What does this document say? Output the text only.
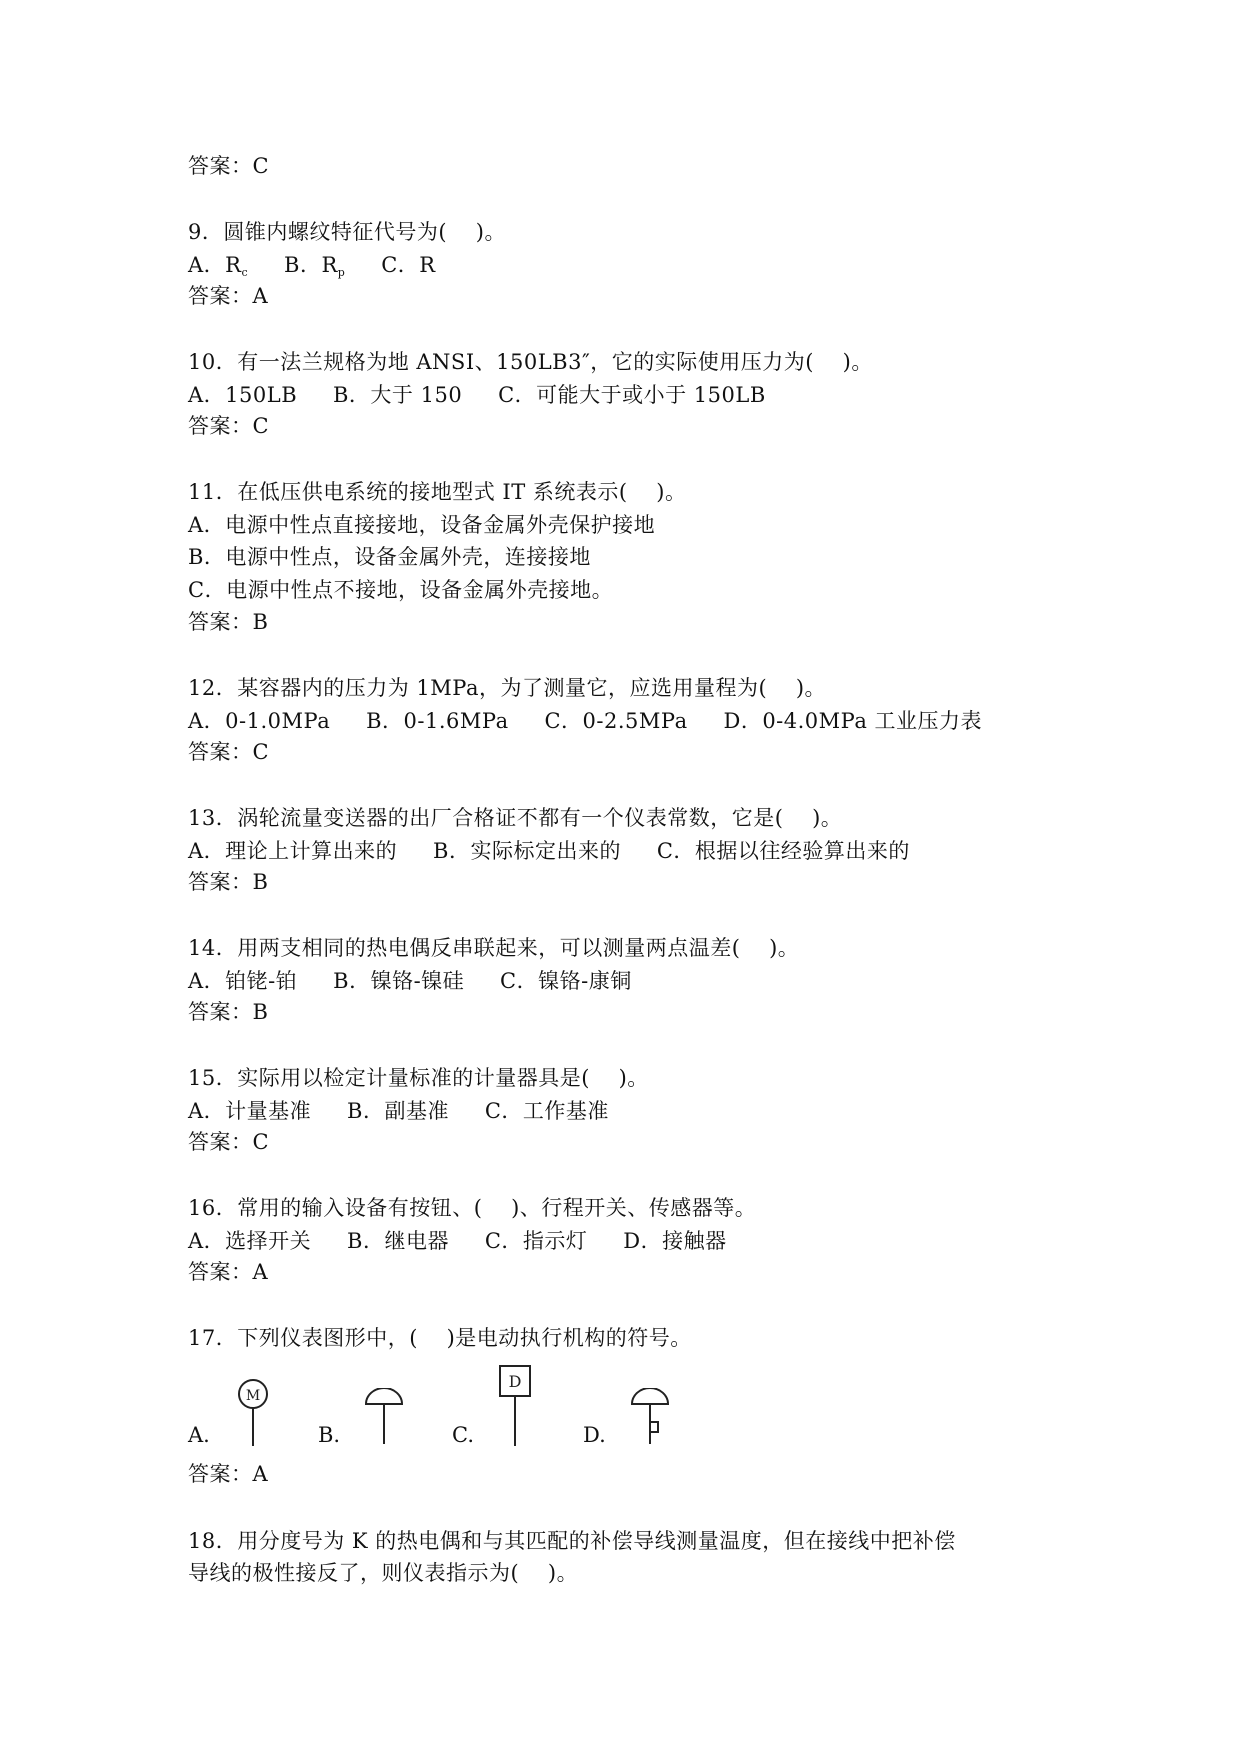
答案：C
9．圆锥内螺纹特征代号为(    )。
A．$R_c$ B．$R_p$ C．R
答案：A
10．有一法兰规格为地 ANSI、150LB3″，它的实际使用压力为(    )。
A．150LB     B．大于 150     C．可能大于或小于 150LB
答案：C
11．在低压供电系统的接地型式 IT 系统表示(    )。
A．电源中性点直接接地，设备金属外壳保护接地
B．电源中性点，设备金属外壳，连接接地
C．电源中性点不接地，设备金属外壳接地。
答案：B
12．某容器内的压力为 1MPa，为了测量它，应选用量程为(    )。
A．0-1.0MPa     B．0-1.6MPa     C．0-2.5MPa     D．0-4.0MPa 工业压力表
答案：C
13．涡轮流量变送器的出厂合格证不都有一个仪表常数，它是(    )。
A．理论上计算出来的     B．实际标定出来的     C．根据以往经验算出来的
答案：B
14．用两支相同的热电偶反串联起来，可以测量两点温差(    )。
A．铂铑-铂     B．镍铬-镍硅     C．镍铬-康铜
答案：B
15．实际用以检定计量标准的计量器具是(    )。
A．计量基准     B．副基准     C．工作基准
答案：C
16．常用的输入设备有按钮、(    )、行程开关、传感器等。
A．选择开关     B．继电器     C．指示灯     D．接触器
答案：A
17．下列仪表图形中，(    )是电动执行机构的符号。
A.
M
B.	C.
D
D.
答案：A
18．用分度号为 K 的热电偶和与其匹配的补偿导线测量温度，但在接线中把补偿
导线的极性接反了，则仪表指示为(    )。
